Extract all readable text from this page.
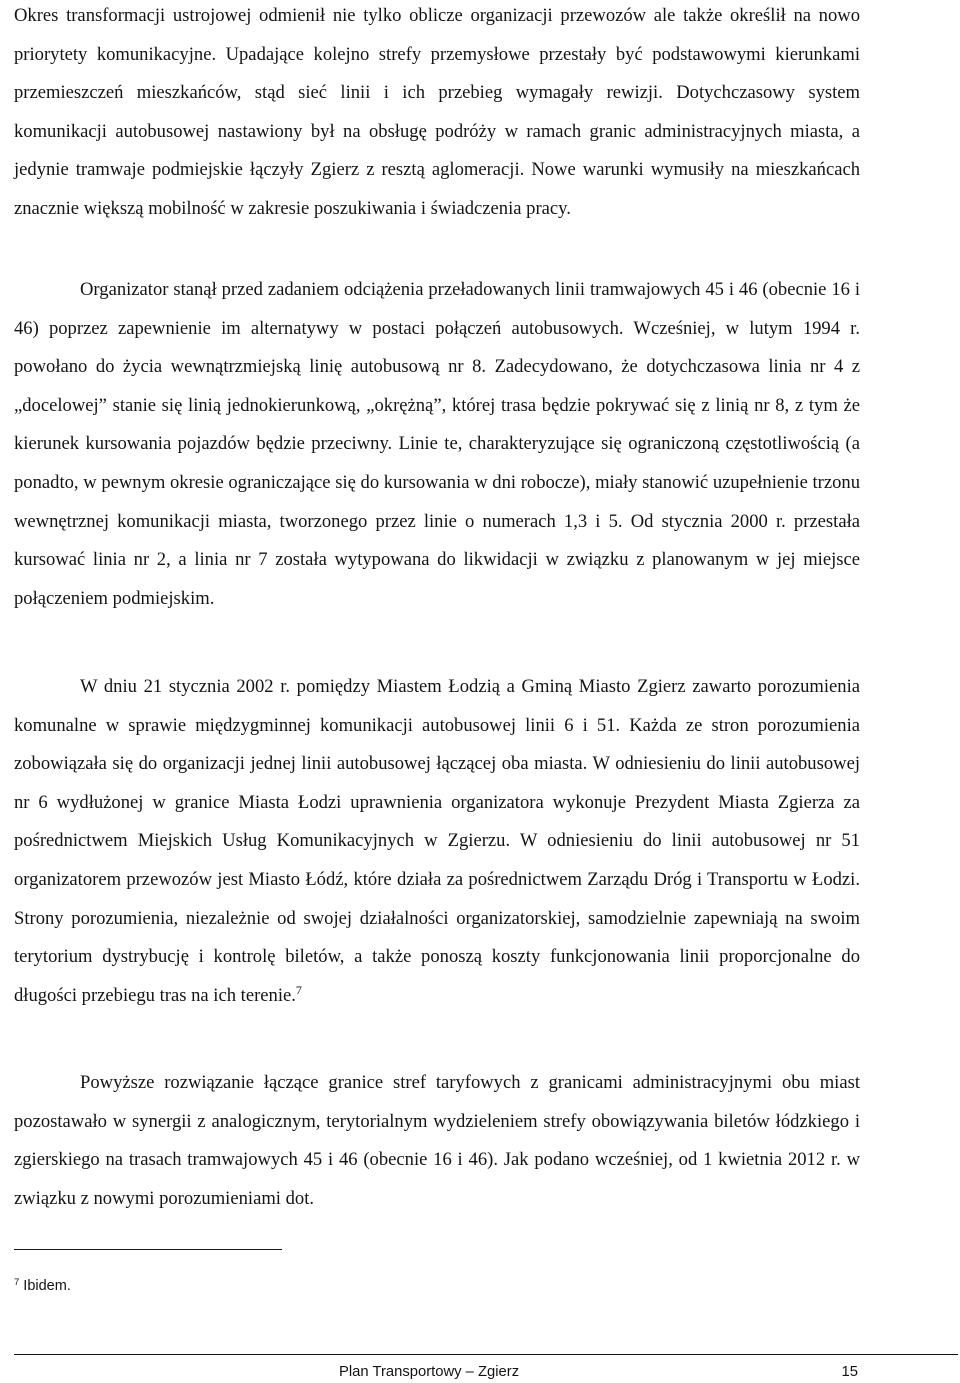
Okres transformacji ustrojowej odmienił nie tylko oblicze organizacji przewozów ale także określił na nowo priorytety komunikacyjne. Upadające kolejno strefy przemysłowe przestały być podstawowymi kierunkami przemieszczeń mieszkańców, stąd sieć linii i ich przebieg wymagały rewizji. Dotychczasowy system komunikacji autobusowej nastawiony był na obsługę podróży w ramach granic administracyjnych miasta, a jedynie tramwaje podmiejskie łączyły Zgierz z resztą aglomeracji. Nowe warunki wymusiły na mieszkańcach znacznie większą mobilność w zakresie poszukiwania i świadczenia pracy.

Organizator stanął przed zadaniem odciążenia przeładowanych linii tramwajowych 45 i 46 (obecnie 16 i 46) poprzez zapewnienie im alternatywy w postaci połączeń autobusowych. Wcześniej, w lutym 1994 r. powołano do życia wewnątrzmiejską linię autobusową nr 8. Zadecydowano, że dotychczasowa linia nr 4 z „docelowej” stanie się linią jednokierunkową, „okrężną”, której trasa będzie pokrywać się z linią nr 8, z tym że kierunek kursowania pojazdów będzie przeciwny. Linie te, charakteryzujące się ograniczoną częstotliwością (a ponadto, w pewnym okresie ograniczające się do kursowania w dni robocze), miały stanowić uzupełnienie trzonu wewnętrznej komunikacji miasta, tworzonego przez linie o numerach 1,3 i 5. Od stycznia 2000 r. przestała kursować linia nr 2, a linia nr 7 została wytypowana do likwidacji w związku z planowanym w jej miejsce połączeniem podmiejskim.

W dniu 21 stycznia 2002 r. pomiędzy Miastem Łodzią a Gminą Miasto Zgierz zawarto porozumienia komunalne w sprawie międzygminnej komunikacji autobusowej linii 6 i 51. Każda ze stron porozumienia zobowiązała się do organizacji jednej linii autobusowej łączącej oba miasta. W odniesieniu do linii autobusowej nr 6 wydłużonej w granice Miasta Łodzi uprawnienia organizatora wykonuje Prezydent Miasta Zgierza za pośrednictwem Miejskich Usług Komunikacyjnych w Zgierzu. W odniesieniu do linii autobusowej nr 51 organizatorem przewozów jest Miasto Łódź, które działa za pośrednictwem Zarządu Dróg i Transportu w Łodzi. Strony porozumienia, niezależnie od swojej działalności organizatorskiej, samodzielnie zapewniają na swoim terytorium dystrybucję i kontrolę biletów, a także ponoszą koszty funkcjonowania linii proporcjonalne do długości przebiegu tras na ich terenie.$^7$

Powyższe rozwiązanie łączące granice stref taryfowych z granicami administracyjnymi obu miast pozostawało w synergii z analogicznym, terytorialnym wydzieleniem strefy obowiązywania biletów łódzkiego i zgierskiego na trasach tramwajowych 45 i 46 (obecnie 16 i 46). Jak podano wcześniej, od 1 kwietnia 2012 r. w związku z nowymi porozumieniami dot.

$^7$ Ibidem.

Plan Transportowy – Zgierz	15
